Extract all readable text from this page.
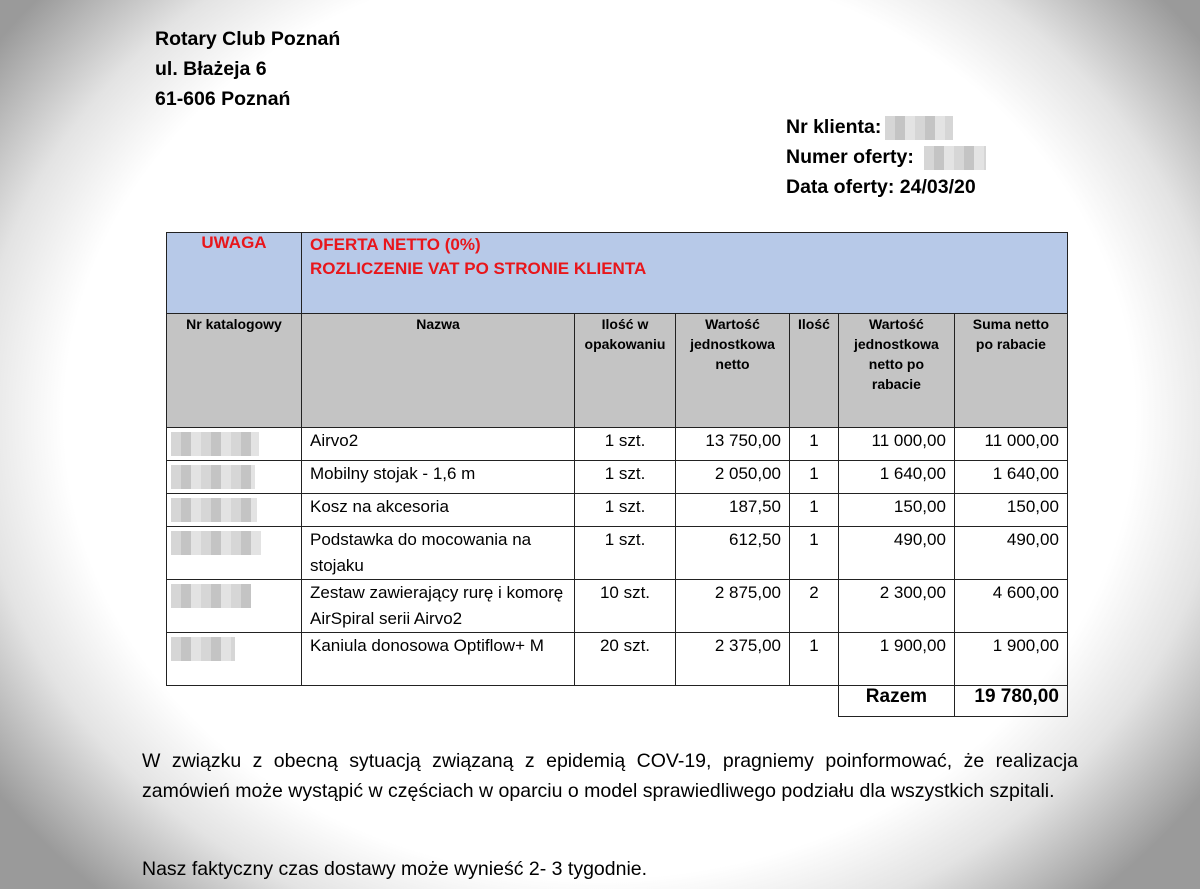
Rotary Club Poznań
ul. Błażeja 6
61-606 Poznań
Nr klienta:
Numer oferty:
Data oferty: 24/03/20
UWAGA	OFERTA NETTO (0%)
ROZLICZENIE VAT PO STRONIE KLIENTA					

Nr katalogowy	Nazwa	Ilość w opakowaniu	Wartość jednostkowa netto	Ilość	Wartość jednostkowa netto po rabacie	Suma netto po rabacie
	Airvo2	1 szt.	13 750,00	1	11 000,00	11 000,00
	Mobilny stojak - 1,6 m	1 szt.	2 050,00	1	1 640,00	1 640,00
	Kosz na akcesoria	1 szt.	187,50	1	150,00	150,00
	Podstawka do mocowania na stojaku	1 szt.	612,50	1	490,00	490,00
	Zestaw zawierający rurę i komorę AirSpiral serii Airvo2	10 szt.	2 875,00	2	2 300,00	4 600,00
	Kaniula donosowa Optiflow+ M	20 szt.	2 375,00	1	1 900,00	1 900,00
					Razem	19 780,00
W związku z obecną sytuacją związaną z epidemią COV-19, pragniemy poinformować, że realizacja zamówień może wystąpić w częściach w oparciu o model sprawiedliwego podziału dla wszystkich szpitali.
Nasz faktyczny czas dostawy może wynieść 2- 3 tygodnie.
